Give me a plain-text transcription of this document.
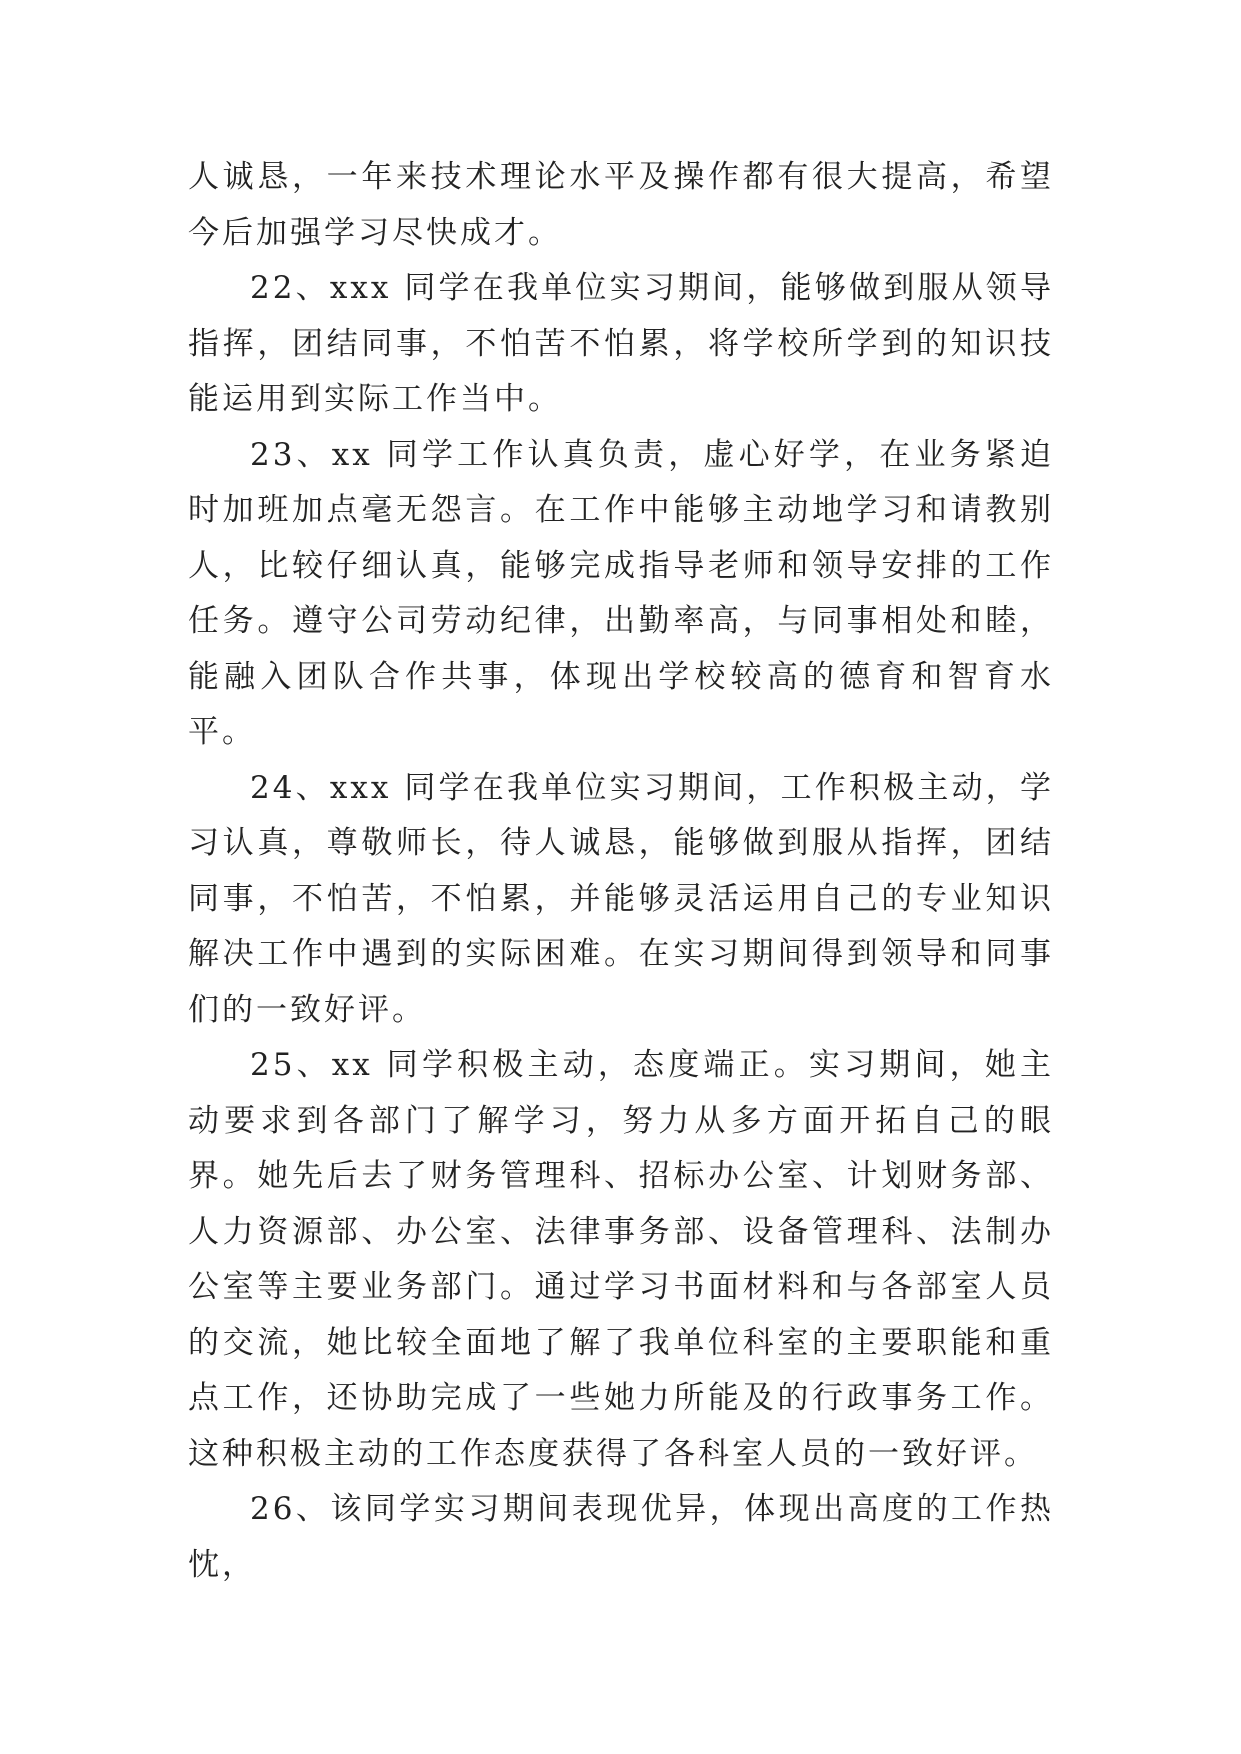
人诚恳，一年来技术理论水平及操作都有很大提高，希望今后加强学习尽快成才。

22、xxx 同学在我单位实习期间，能够做到服从领导指挥，团结同事，不怕苦不怕累，将学校所学到的知识技能运用到实际工作当中。

23、xx 同学工作认真负责，虚心好学，在业务紧迫时加班加点毫无怨言。在工作中能够主动地学习和请教别人，比较仔细认真，能够完成指导老师和领导安排的工作任务。遵守公司劳动纪律，出勤率高，与同事相处和睦，能融入团队合作共事，体现出学校较高的德育和智育水平。

24、xxx 同学在我单位实习期间，工作积极主动，学习认真，尊敬师长，待人诚恳，能够做到服从指挥，团结同事，不怕苦，不怕累，并能够灵活运用自己的专业知识解决工作中遇到的实际困难。在实习期间得到领导和同事们的一致好评。

25、xx 同学积极主动，态度端正。实习期间，她主动要求到各部门了解学习，努力从多方面开拓自己的眼界。她先后去了财务管理科、招标办公室、计划财务部、人力资源部、办公室、法律事务部、设备管理科、法制办公室等主要业务部门。通过学习书面材料和与各部室人员的交流，她比较全面地了解了我单位科室的主要职能和重点工作，还协助完成了一些她力所能及的行政事务工作。这种积极主动的工作态度获得了各科室人员的一致好评。

26、该同学实习期间表现优异，体现出高度的工作热忱，
